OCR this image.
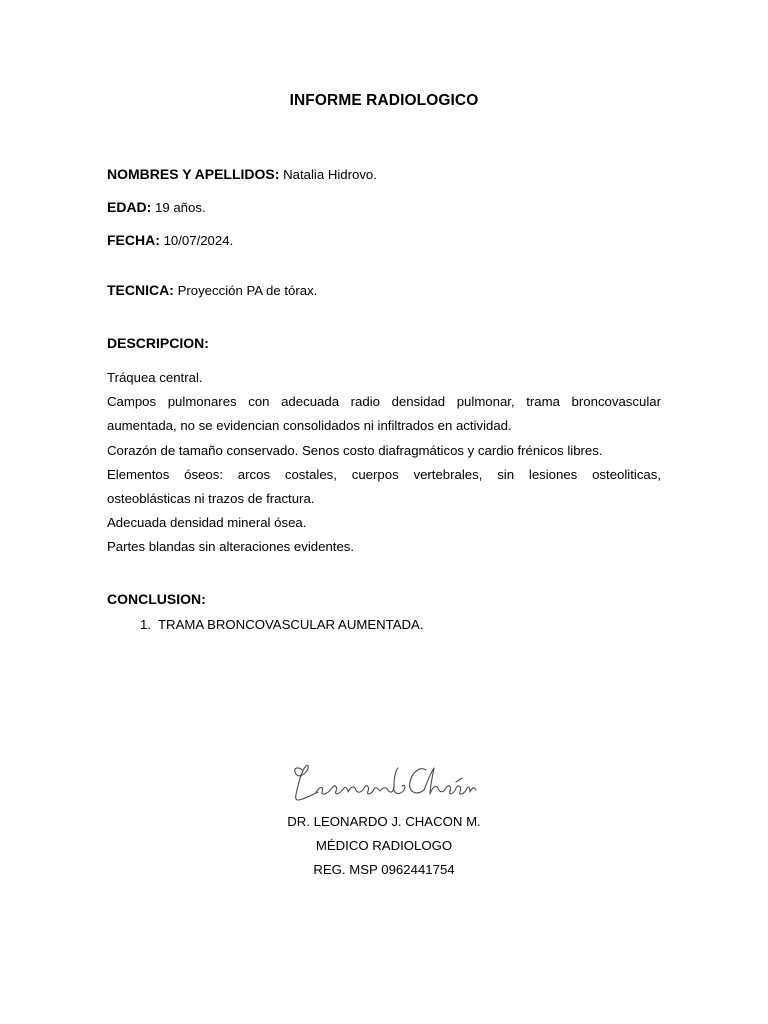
INFORME RADIOLOGICO
NOMBRES Y APELLIDOS: Natalia Hidrovo.
EDAD: 19 años.
FECHA: 10/07/2024.
TECNICA: Proyección PA de tórax.
DESCRIPCION:

Tráquea central.

Campos pulmonares con adecuada radio densidad pulmonar, trama broncovascular

aumentada, no se evidencian consolidados ni infiltrados en actividad.

Corazón de tamaño conservado. Senos costo diafragmáticos y cardio frénicos libres.

Elementos óseos: arcos costales, cuerpos vertebrales, sin lesiones osteoliticas,

osteoblásticas ni trazos de fractura.

Adecuada densidad mineral ósea.

Partes blandas sin alteraciones evidentes.

CONCLUSION:
1. TRAMA BRONCOVASCULAR AUMENTADA.
DR. LEONARDO J. CHACON M.
MÉDICO RADIOLOGO
REG. MSP 0962441754
